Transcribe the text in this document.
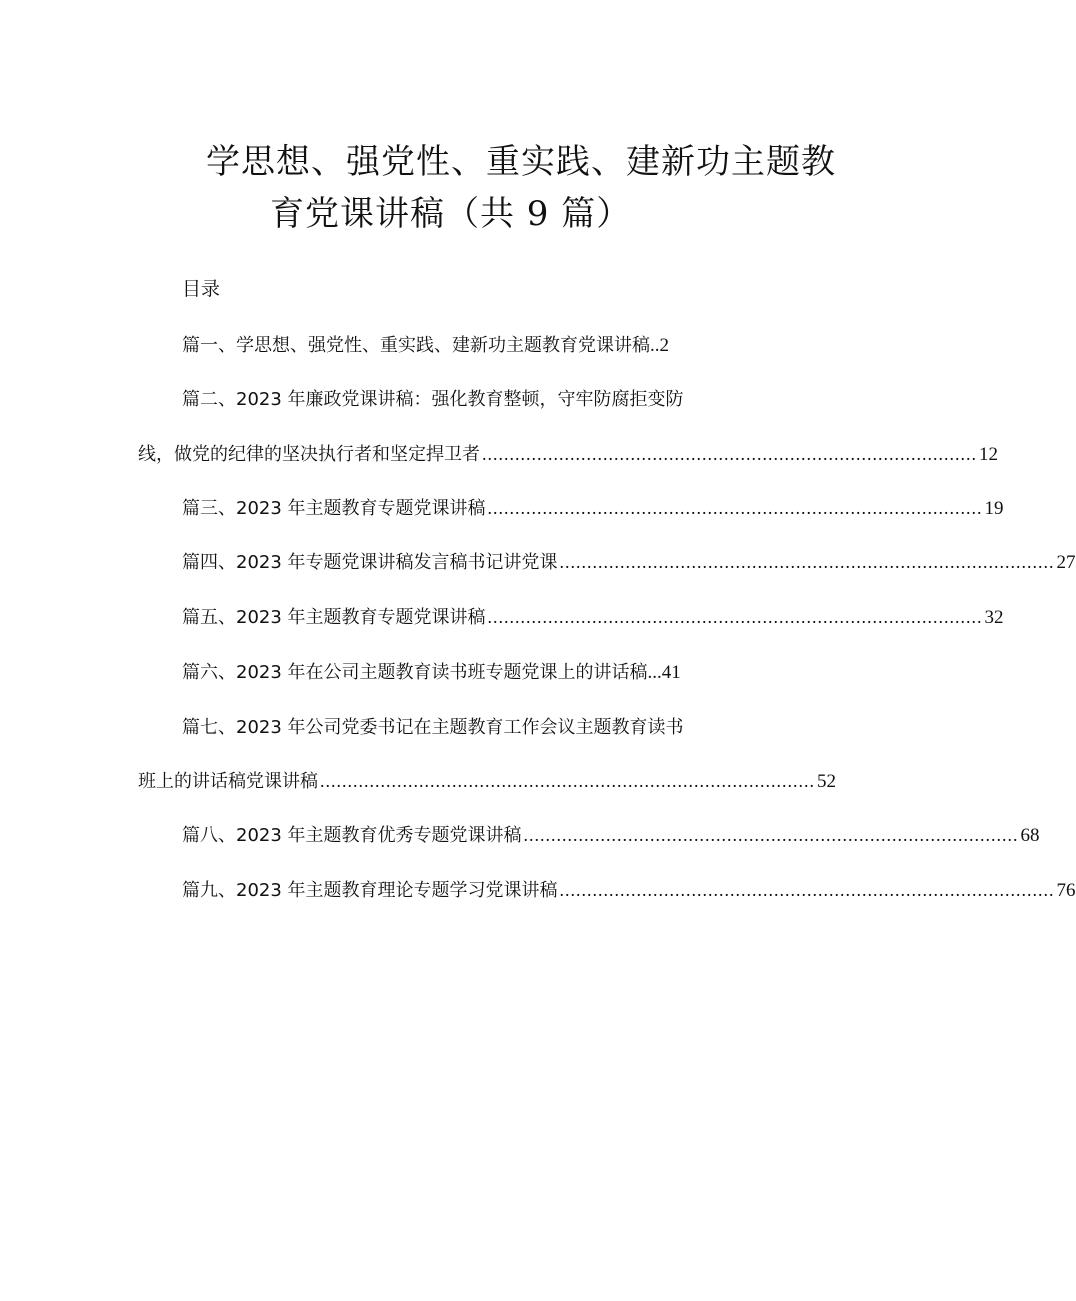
学思想、强党性、重实践、建新功主题教
育党课讲稿（共 9 篇）
目录
篇一、学思想、强党性、重实践、建新功主题教育党课讲稿 .. 2
篇二、2023 年廉政党课讲稿：强化教育整顿，守牢防腐拒变防
线，做党的纪律的坚决执行者和坚定捍卫者 .......................................................................................... 12
篇三、2023 年主题教育专题党课讲稿 .......................................................................................... 19
篇四、2023 年专题党课讲稿发言稿书记讲党课 .......................................................................................... 27
篇五、2023 年主题教育专题党课讲稿 .......................................................................................... 32
篇六、2023 年在公司主题教育读书班专题党课上的讲话稿 ... 41
篇七、2023 年公司党委书记在主题教育工作会议主题教育读书
班上的讲话稿党课讲稿 .......................................................................................... 52
篇八、2023 年主题教育优秀专题党课讲稿 .......................................................................................... 68
篇九、2023 年主题教育理论专题学习党课讲稿 .......................................................................................... 76
